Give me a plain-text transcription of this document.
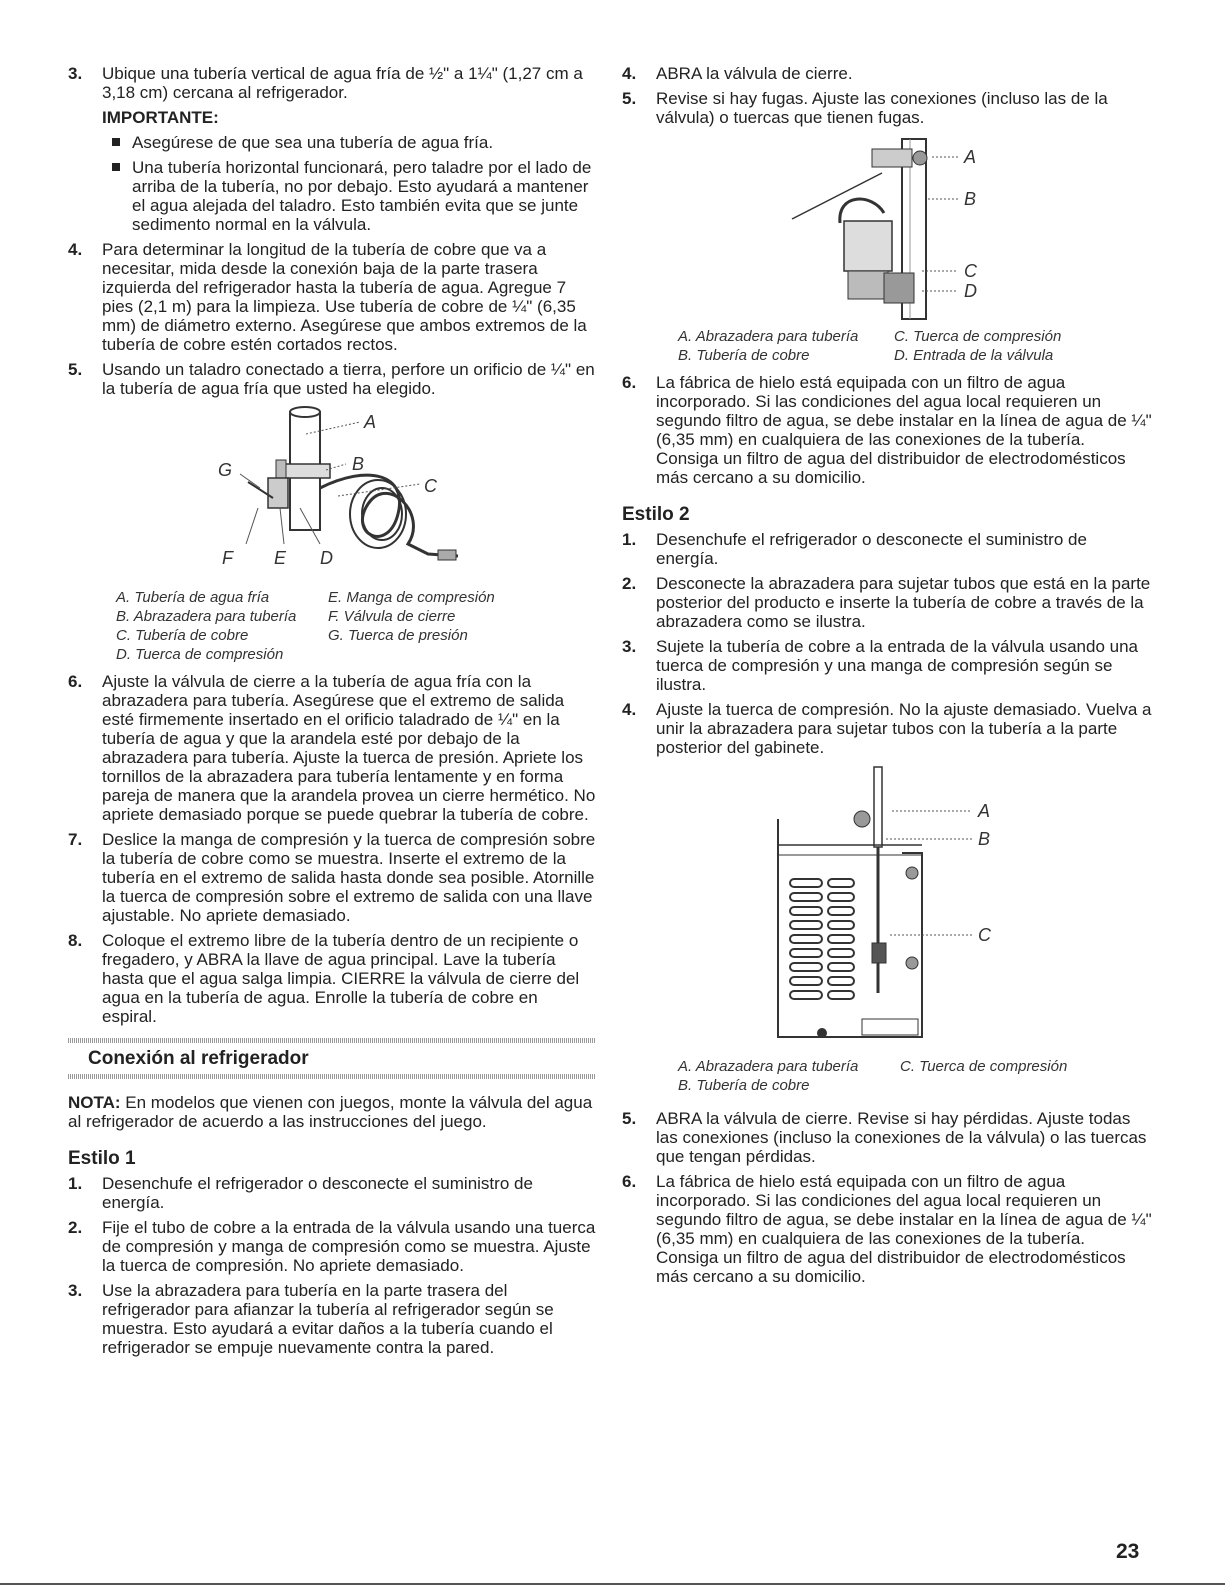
3.	Ubique una tubería vertical de agua fría de ½" a 1¼" (1,27 cm a 3,18 cm) cercana al refrigerador.
IMPORTANTE:
Asegúrese de que sea una tubería de agua fría.
Una tubería horizontal funcionará, pero taladre por el lado de arriba de la tubería, no por debajo. Esto ayudará a mantener el agua alejada del taladro. Esto también evita que se junte sedimento normal en la válvula.
4.	Para determinar la longitud de la tubería de cobre que va a necesitar, mida desde la conexión baja de la parte trasera izquierda del refrigerador hasta la tubería de agua. Agregue 7 pies (2,1 m) para la limpieza. Use tubería de cobre de ¼" (6,35 mm) de diámetro externo. Asegúrese que ambos extremos de la tubería de cobre estén cortados rectos.
5.	Usando un taladro conectado a tierra, perfore un orificio de ¼" en la tubería de agua fría que usted ha elegido.
A
B
C
G
F E D
A. Tubería de agua fría
B. Abrazadera para tubería
C. Tubería de cobre
D. Tuerca de compresión
E. Manga de compresión
F. Válvula de cierre
G. Tuerca de presión
6.	Ajuste la válvula de cierre a la tubería de agua fría con la abrazadera para tubería. Asegúrese que el extremo de salida esté firmemente insertado en el orificio taladrado de ¼" en la tubería de agua y que la arandela esté por debajo de la abrazadera para tubería. Ajuste la tuerca de presión. Apriete los tornillos de la abrazadera para tubería lentamente y en forma pareja de manera que la arandela provea un cierre hermético. No apriete demasiado porque se puede quebrar la tubería de cobre.
7.	Deslice la manga de compresión y la tuerca de compresión sobre la tubería de cobre como se muestra. Inserte el extremo de la tubería en el extremo de salida hasta donde sea posible. Atornille la tuerca de compresión sobre el extremo de salida con una llave ajustable. No apriete demasiado.
8.	Coloque el extremo libre de la tubería dentro de un recipiente o fregadero, y ABRA la llave de agua principal. Lave la tubería hasta que el agua salga limpia. CIERRE la válvula de cierre del agua en la tubería de agua. Enrolle la tubería de cobre en espiral.
Conexión al refrigerador
NOTA: En modelos que vienen con juegos, monte la válvula del agua al refrigerador de acuerdo a las instrucciones del juego.
Estilo 1
1.	Desenchufe el refrigerador o desconecte el suministro de energía.
2.	Fije el tubo de cobre a la entrada de la válvula usando una tuerca de compresión y manga de compresión como se muestra. Ajuste la tuerca de compresión. No apriete demasiado.
3.	Use la abrazadera para tubería en la parte trasera del refrigerador para afianzar la tubería al refrigerador según se muestra. Esto ayudará a evitar daños a la tubería cuando el refrigerador se empuje nuevamente contra la pared.
4.	ABRA la válvula de cierre.
5.	Revise si hay fugas. Ajuste las conexiones (incluso las de la válvula) o tuercas que tienen fugas.
A
B
C
D
A. Abrazadera para tubería
B. Tubería de cobre
C. Tuerca de compresión
D. Entrada de la válvula
6.	La fábrica de hielo está equipada con un filtro de agua incorporado. Si las condiciones del agua local requieren un segundo filtro de agua, se debe instalar en la línea de agua de ¼" (6,35 mm) en cualquiera de las conexiones de la tubería. Consiga un filtro de agua del distribuidor de electrodomésticos más cercano a su domicilio.
Estilo 2
1.	Desenchufe el refrigerador o desconecte el suministro de energía.
2.	Desconecte la abrazadera para sujetar tubos que está en la parte posterior del producto e inserte la tubería de cobre a través de la abrazadera como se ilustra.
3.	Sujete la tubería de cobre a la entrada de la válvula usando una tuerca de compresión y una manga de compresión según se ilustra.
4.	Ajuste la tuerca de compresión. No la ajuste demasiado. Vuelva a unir la abrazadera para sujetar tubos con la tubería a la parte posterior del gabinete.
A
B
C
A. Abrazadera para tubería
B. Tubería de cobre
C. Tuerca de compresión
5.	ABRA la válvula de cierre. Revise si hay pérdidas. Ajuste todas las conexiones (incluso la conexiones de la válvula) o las tuercas que tengan pérdidas.
6.	La fábrica de hielo está equipada con un filtro de agua incorporado. Si las condiciones del agua local requieren un segundo filtro de agua, se debe instalar en la línea de agua de ¼" (6,35 mm) en cualquiera de las conexiones de la tubería. Consiga un filtro de agua del distribuidor de electrodomésticos más cercano a su domicilio.
23
